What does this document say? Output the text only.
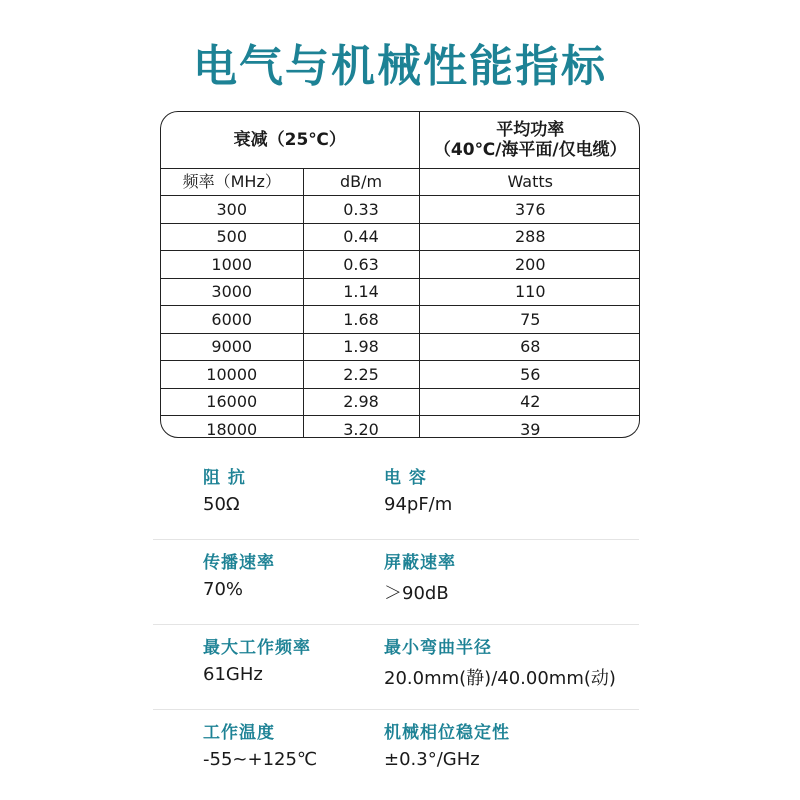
电气与机械性能指标
衰减（25℃）		平均功率
（40℃/海平面/仅电缆）

频率（MHz）	dB/m	Watts
300	0.33	376
500	0.44	288
1000	0.63	200
3000	1.14	110
6000	1.68	75
9000	1.98	68
10000	2.25	56
16000	2.98	42
18000	3.20	39
阻 抗
50Ω
电 容
94pF/m
传播速率
70%
屏蔽速率
＞90dB
最大工作频率
61GHz
最小弯曲半径
20.0mm(静)/40.00mm(动)
工作温度
-55~+125℃
机械相位稳定性
±0.3°/GHz
